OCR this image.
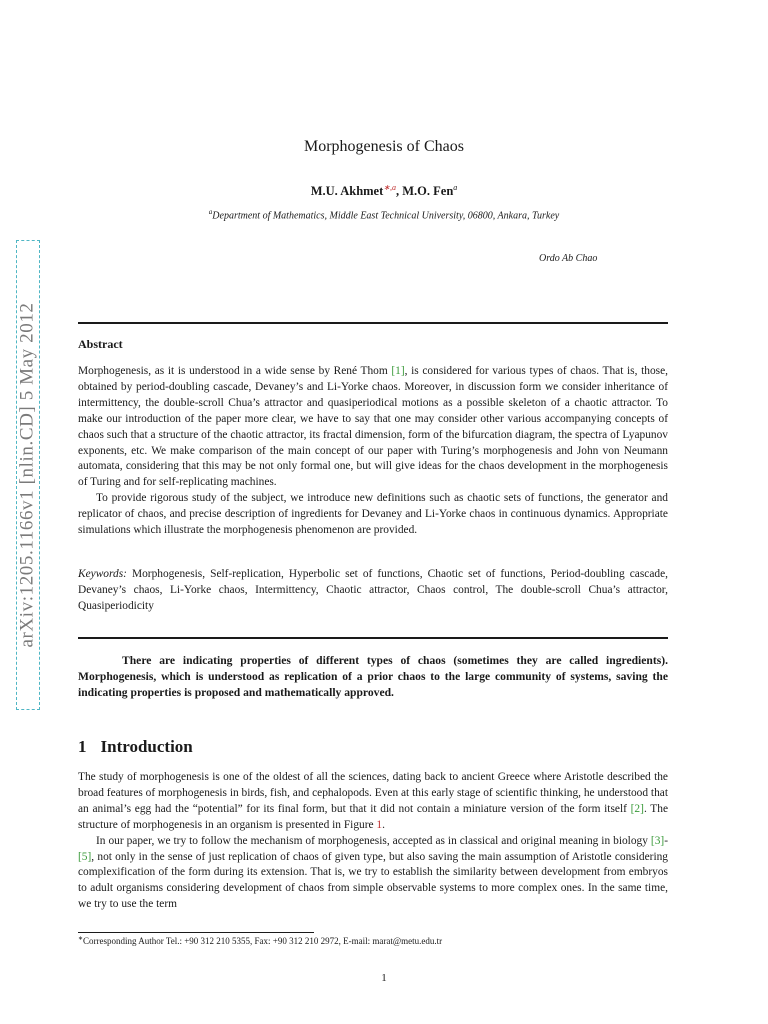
arXiv:1205.1166v1 [nlin.CD] 5 May 2012
Morphogenesis of Chaos
M.U. Akhmet$^{∗,a}$, M.O. Fen$^a$
$^a$Department of Mathematics, Middle East Technical University, 06800, Ankara, Turkey
Ordo Ab Chao
Abstract

Morphogenesis, as it is understood in a wide sense by René Thom [1], is considered for various types of chaos. That is, those, obtained by period-doubling cascade, Devaney’s and Li-Yorke chaos. Moreover, in discussion form we consider inheritance of intermittency, the double-scroll Chua’s attractor and quasiperiodical motions as a possible skeleton of a chaotic attractor. To make our introduction of the paper more clear, we have to say that one may consider other various accompanying concepts of chaos such that a structure of the chaotic attractor, its fractal dimension, form of the bifurcation diagram, the spectra of Lyapunov exponents, etc. We make comparison of the main concept of our paper with Turing’s morphogenesis and John von Neumann automata, considering that this may be not only formal one, but will give ideas for the chaos development in the morphogenesis of Turing and for self-replicating machines.

To provide rigorous study of the subject, we introduce new definitions such as chaotic sets of functions, the generator and replicator of chaos, and precise description of ingredients for Devaney and Li-Yorke chaos in continuous dynamics. Appropriate simulations which illustrate the morphogenesis phenomenon are provided.

Keywords: Morphogenesis, Self-replication, Hyperbolic set of functions, Chaotic set of functions, Period-doubling cascade, Devaney’s chaos, Li-Yorke chaos, Intermittency, Chaotic attractor, Chaos control, The double-scroll Chua’s attractor, Quasiperiodicity

There are indicating properties of different types of chaos (sometimes they are called ingredients). Morphogenesis, which is understood as replication of a prior chaos to the large community of systems, saving the indicating properties is proposed and mathematically approved.
1 Introduction

The study of morphogenesis is one of the oldest of all the sciences, dating back to ancient Greece where Aristotle described the broad features of morphogenesis in birds, fish, and cephalopods. Even at this early stage of scientific thinking, he understood that an animal’s egg had the “potential” for its final form, but that it did not contain a miniature version of the form itself [2]. The structure of morphogenesis in an organism is presented in Figure 1.

In our paper, we try to follow the mechanism of morphogenesis, accepted as in classical and original meaning in biology [3]-[5], not only in the sense of just replication of chaos of given type, but also saving the main assumption of Aristotle considering complexification of the form during its extension. That is, we try to establish the similarity between development from embryos to adult organisms considering development of chaos from simple observable systems to more complex ones. In the same time, we try to use the term

∗Corresponding Author Tel.: +90 312 210 5355, Fax: +90 312 210 2972, E-mail: marat@metu.edu.tr
1
